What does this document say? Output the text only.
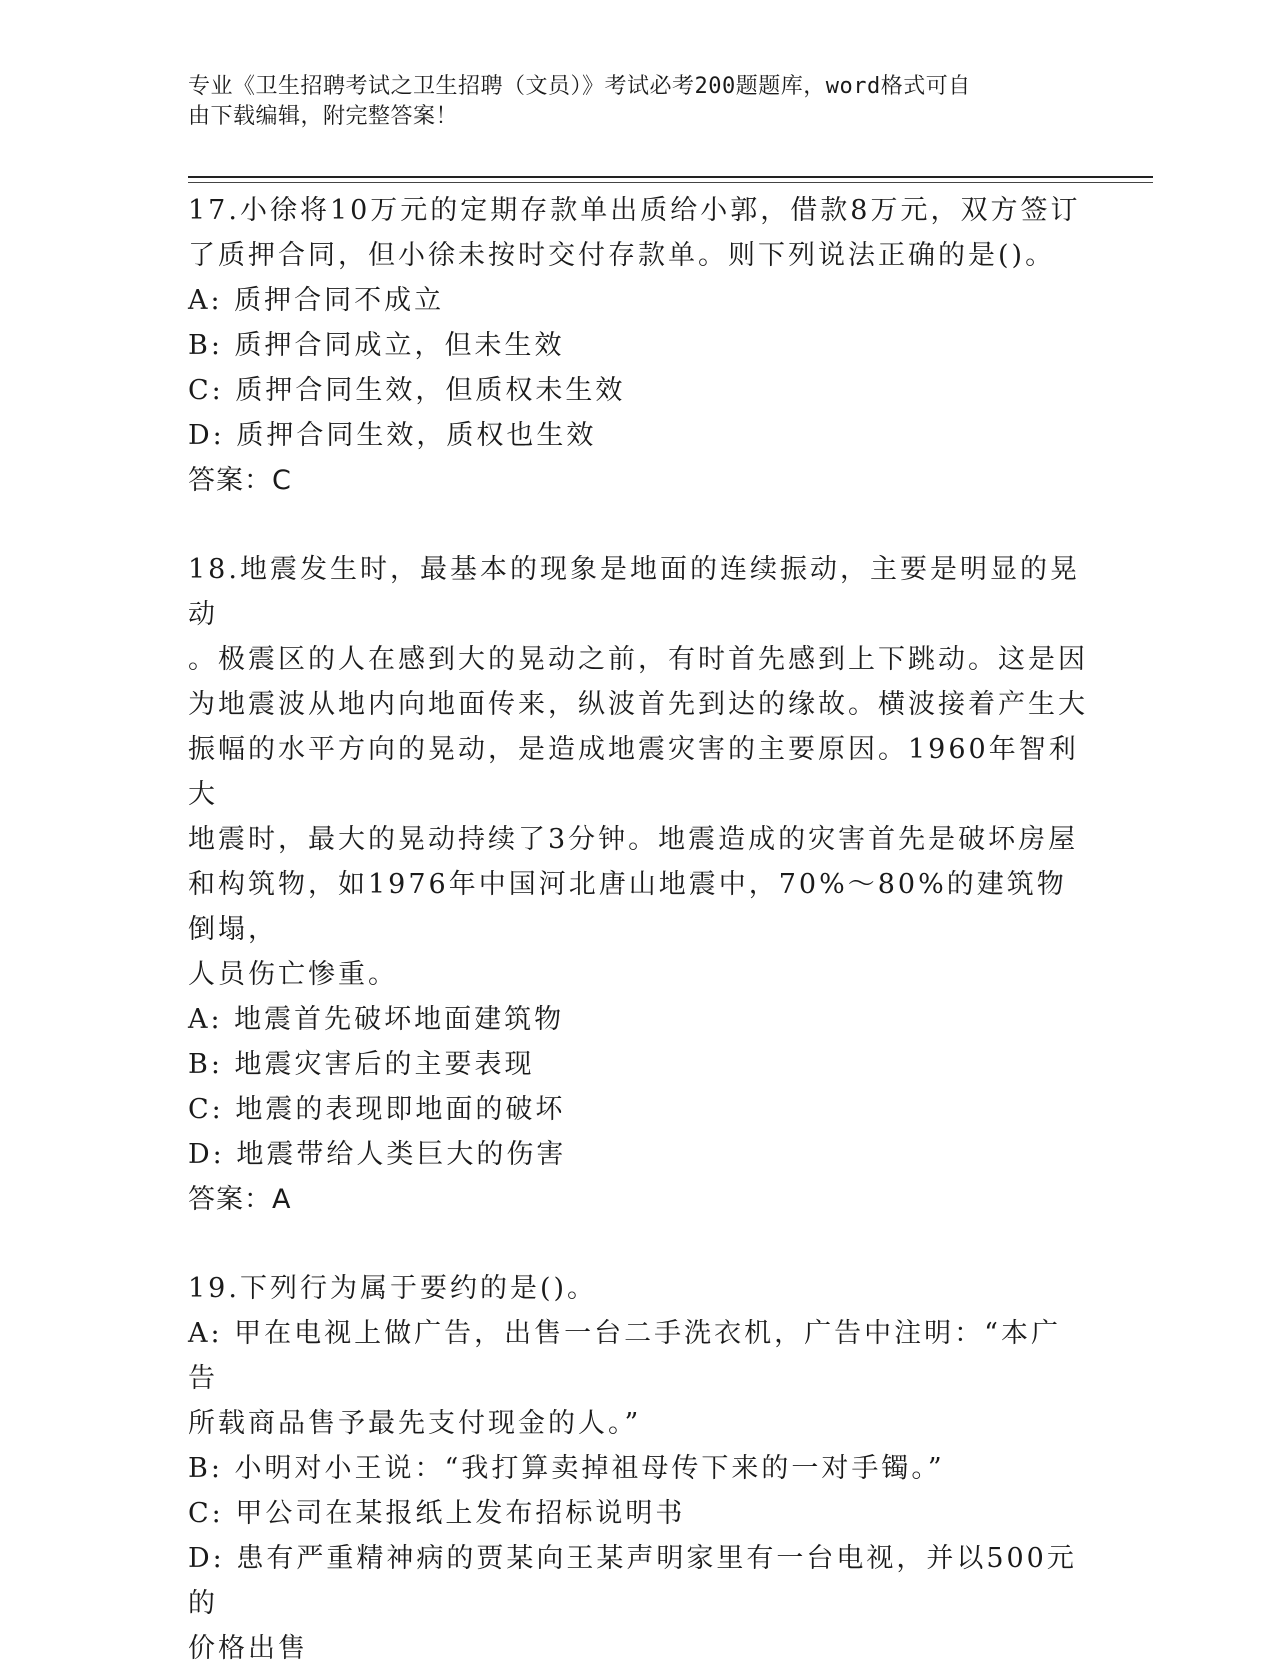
专业《卫生招聘考试之卫生招聘（文员）》考试必考200题题库，word格式可自
由下载编辑，附完整答案！

17.小徐将10万元的定期存款单出质给小郭，借款8万元，双方签订

了质押合同，但小徐未按时交付存款单。则下列说法正确的是()。

A: 质押合同不成立

B: 质押合同成立，但未生效

C: 质押合同生效，但质权未生效

D: 质押合同生效，质权也生效

答案：C

18.地震发生时，最基本的现象是地面的连续振动，主要是明显的晃动

。极震区的人在感到大的晃动之前，有时首先感到上下跳动。这是因

为地震波从地内向地面传来，纵波首先到达的缘故。横波接着产生大

振幅的水平方向的晃动，是造成地震灾害的主要原因。1960年智利大

地震时，最大的晃动持续了3分钟。地震造成的灾害首先是破坏房屋

和构筑物，如1976年中国河北唐山地震中，70%～80%的建筑物倒塌，

人员伤亡惨重。

A: 地震首先破坏地面建筑物

B: 地震灾害后的主要表现

C: 地震的表现即地面的破坏

D: 地震带给人类巨大的伤害

答案：A

19.下列行为属于要约的是()。

A: 甲在电视上做广告，出售一台二手洗衣机，广告中注明：“本广告

所载商品售予最先支付现金的人。”

B: 小明对小王说：“我打算卖掉祖母传下来的一对手镯。”

C: 甲公司在某报纸上发布招标说明书

D: 患有严重精神病的贾某向王某声明家里有一台电视，并以500元的

价格出售
